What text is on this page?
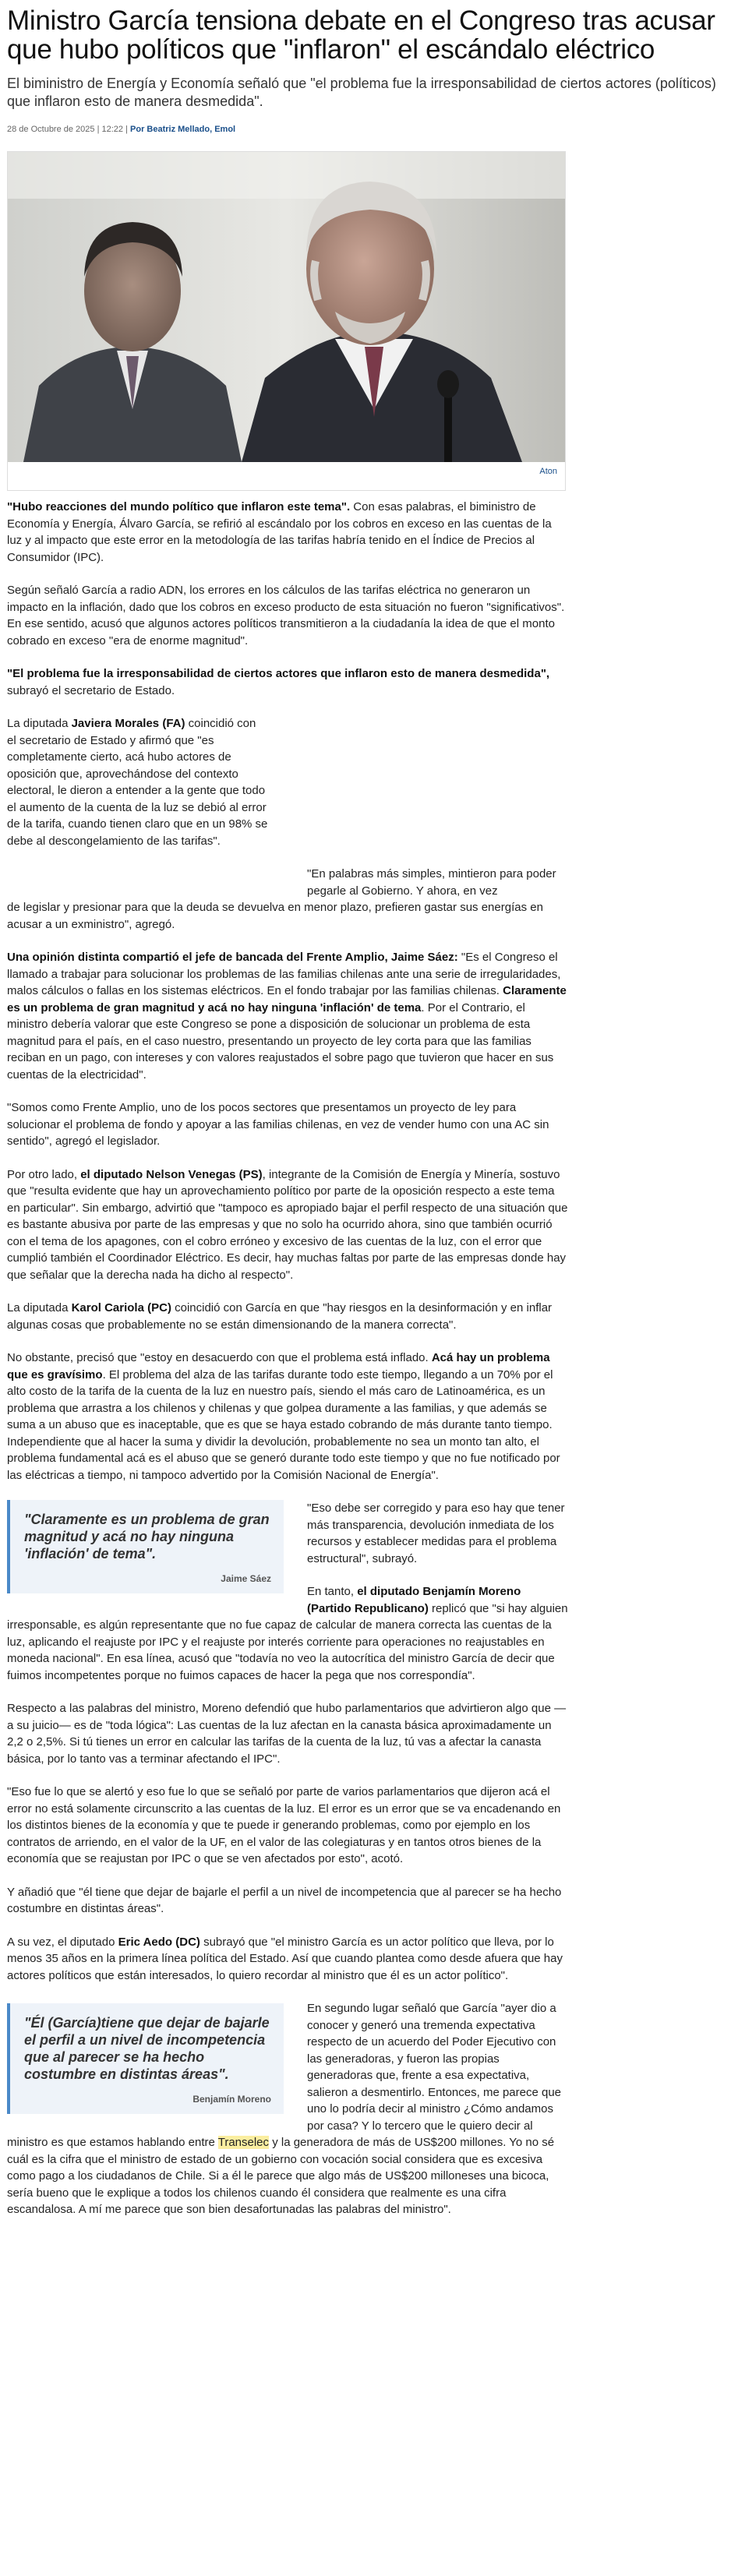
Ministro García tensiona debate en el Congreso tras acusar que hubo políticos que "inflaron" el escándalo eléctrico

El biministro de Energía y Economía señaló que "el problema fue la irresponsabilidad de ciertos actores (políticos) que inflaron esto de manera desmedida".

28 de Octubre de 2025 | 12:22 | Por Beatriz Mellado, Emol
Aton

"Hubo reacciones del mundo político que inflaron este tema". Con esas palabras, el biministro de Economía y Energía, Álvaro García, se refirió al escándalo por los cobros en exceso en las cuentas de la luz y al impacto que este error en la metodología de las tarifas habría tenido en el Índice de Precios al Consumidor (IPC).

Según señaló García a radio ADN, los errores en los cálculos de las tarifas eléctrica no generaron un impacto en la inflación, dado que los cobros en exceso producto de esta situación no fueron "significativos". En ese sentido, acusó que algunos actores políticos transmitieron a la ciudadanía la idea de que el monto cobrado en exceso "era de enorme magnitud".

"El problema fue la irresponsabilidad de ciertos actores que inflaron esto de manera desmedida", subrayó el secretario de Estado.

La diputada Javiera Morales (FA) coincidió con el secretario de Estado y afirmó que "es completamente cierto, acá hubo actores de oposición que, aprovechándose del contexto electoral, le dieron a entender a la gente que todo el aumento de la cuenta de la luz se debió al error de la tarifa, cuando tienen claro que en un 98% se debe al descongelamiento de las tarifas".

"En palabras más simples, mintieron para poder pegarle al Gobierno. Y ahora, en vez
de legislar y presionar para que la deuda se devuelva en menor plazo, prefieren gastar sus energías en acusar a un exministro", agregó.

Una opinión distinta compartió el jefe de bancada del Frente Amplio, Jaime Sáez: "Es el Congreso el llamado a trabajar para solucionar los problemas de las familias chilenas ante una serie de irregularidades, malos cálculos o fallas en los sistemas eléctricos. En el fondo trabajar por las familias chilenas. Claramente es un problema de gran magnitud y acá no hay ninguna 'inflación' de tema. Por el Contrario, el ministro debería valorar que este Congreso se pone a disposición de solucionar un problema de esta magnitud para el país, en el caso nuestro, presentando un proyecto de ley corta para que las familias reciban en un pago, con intereses y con valores reajustados el sobre pago que tuvieron que hacer en sus cuentas de la electricidad".

"Somos como Frente Amplio, uno de los pocos sectores que presentamos un proyecto de ley para solucionar el problema de fondo y apoyar a las familias chilenas, en vez de vender humo con una AC sin sentido", agregó el legislador.

Por otro lado, el diputado Nelson Venegas (PS), integrante de la Comisión de Energía y Minería, sostuvo que "resulta evidente que hay un aprovechamiento político por parte de la oposición respecto a este tema en particular". Sin embargo, advirtió que "tampoco es apropiado bajar el perfil respecto de una situación que es bastante abusiva por parte de las empresas y que no solo ha ocurrido ahora, sino que también ocurrió con el tema de los apagones, con el cobro erróneo y excesivo de las cuentas de la luz, con el error que cumplió también el Coordinador Eléctrico. Es decir, hay muchas faltas por parte de las empresas donde hay que señalar que la derecha nada ha dicho al respecto".

La diputada Karol Cariola (PC) coincidió con García en que "hay riesgos en la desinformación y en inflar algunas cosas que probablemente no se están dimensionando de la manera correcta".

No obstante, precisó que "estoy en desacuerdo con que el problema está inflado. Acá hay un problema que es gravísimo. El problema del alza de las tarifas durante todo este tiempo, llegando a un 70% por el alto costo de la tarifa de la cuenta de la luz en nuestro país, siendo el más caro de Latinoamérica, es un problema que arrastra a los chilenos y chilenas y que golpea duramente a las familias, y que además se suma a un abuso que es inaceptable, que es que se haya estado cobrando de más durante tanto tiempo. Independiente que al hacer la suma y dividir la devolución, probablemente no sea un monto tan alto, el problema fundamental acá es el abuso que se generó durante todo este tiempo y que no fue notificado por las eléctricas a tiempo, ni tampoco advertido por la Comisión Nacional de Energía".

"Claramente es un problema de gran magnitud y acá no hay ninguna 'inflación' de tema".

Jaime Sáez

"Eso debe ser corregido y para eso hay que tener más transparencia, devolución inmediata de los recursos y establecer medidas para el problema estructural", subrayó.

En tanto, el diputado Benjamín Moreno
(Partido Republicano) replicó que "si hay alguien irresponsable, es algún representante que no fue capaz de calcular de manera correcta las cuentas de la luz, aplicando el reajuste por IPC y el reajuste por interés corriente para operaciones no reajustables en moneda nacional". En esa línea, acusó que "todavía no veo la autocrítica del ministro García de decir que fuimos incompetentes porque no fuimos capaces de hacer la pega que nos correspondía".

Respecto a las palabras del ministro, Moreno defendió que hubo parlamentarios que advirtieron algo que —a su juicio— es de "toda lógica": Las cuentas de la luz afectan en la canasta básica aproximadamente un 2,2 o 2,5%. Si tú tienes un error en calcular las tarifas de la cuenta de la luz, tú vas a afectar la canasta básica, por lo tanto vas a terminar afectando el IPC".

"Eso fue lo que se alertó y eso fue lo que se señaló por parte de varios parlamentarios que dijeron acá el error no está solamente circunscrito a las cuentas de la luz. El error es un error que se va encadenando en los distintos bienes de la economía y que te puede ir generando problemas, como por ejemplo en los contratos de arriendo, en el valor de la UF, en el valor de las colegiaturas y en tantos otros bienes de la economía que se reajustan por IPC o que se ven afectados por esto", acotó.

Y añadió que "él tiene que dejar de bajarle el perfil a un nivel de incompetencia que al parecer se ha hecho costumbre en distintas áreas".

A su vez, el diputado Eric Aedo (DC) subrayó que "el ministro García es un actor político que lleva, por lo menos 35 años en la primera línea política del Estado. Así que cuando plantea como desde afuera que hay actores políticos que están interesados, lo quiero recordar al ministro que él es un actor político".

"Él (García)tiene que dejar de bajarle el perfil a un nivel de incompetencia que al parecer se ha hecho costumbre en distintas áreas".

Benjamín Moreno

En segundo lugar señaló que García "ayer dio a conocer y generó una tremenda expectativa respecto de un acuerdo del Poder Ejecutivo con las generadoras, y fueron las propias generadoras que, frente a esa expectativa, salieron a desmentirlo. Entonces, me parece que uno lo podría decir al ministro ¿Cómo andamos por casa? Y lo tercero que le quiero decir al ministro es que estamos hablando entre Transelec y la generadora de más de US$200 millones. Yo no sé cuál es la cifra que el ministro de estado de un gobierno con vocación social considera que es excesiva como pago a los ciudadanos de Chile. Si a él le parece que algo más de US$200 milloneses una bicoca, sería bueno que le explique a todos los chilenos cuando él considera que realmente es una cifra escandalosa. A mí me parece que son bien desafortunadas las palabras del ministro".
